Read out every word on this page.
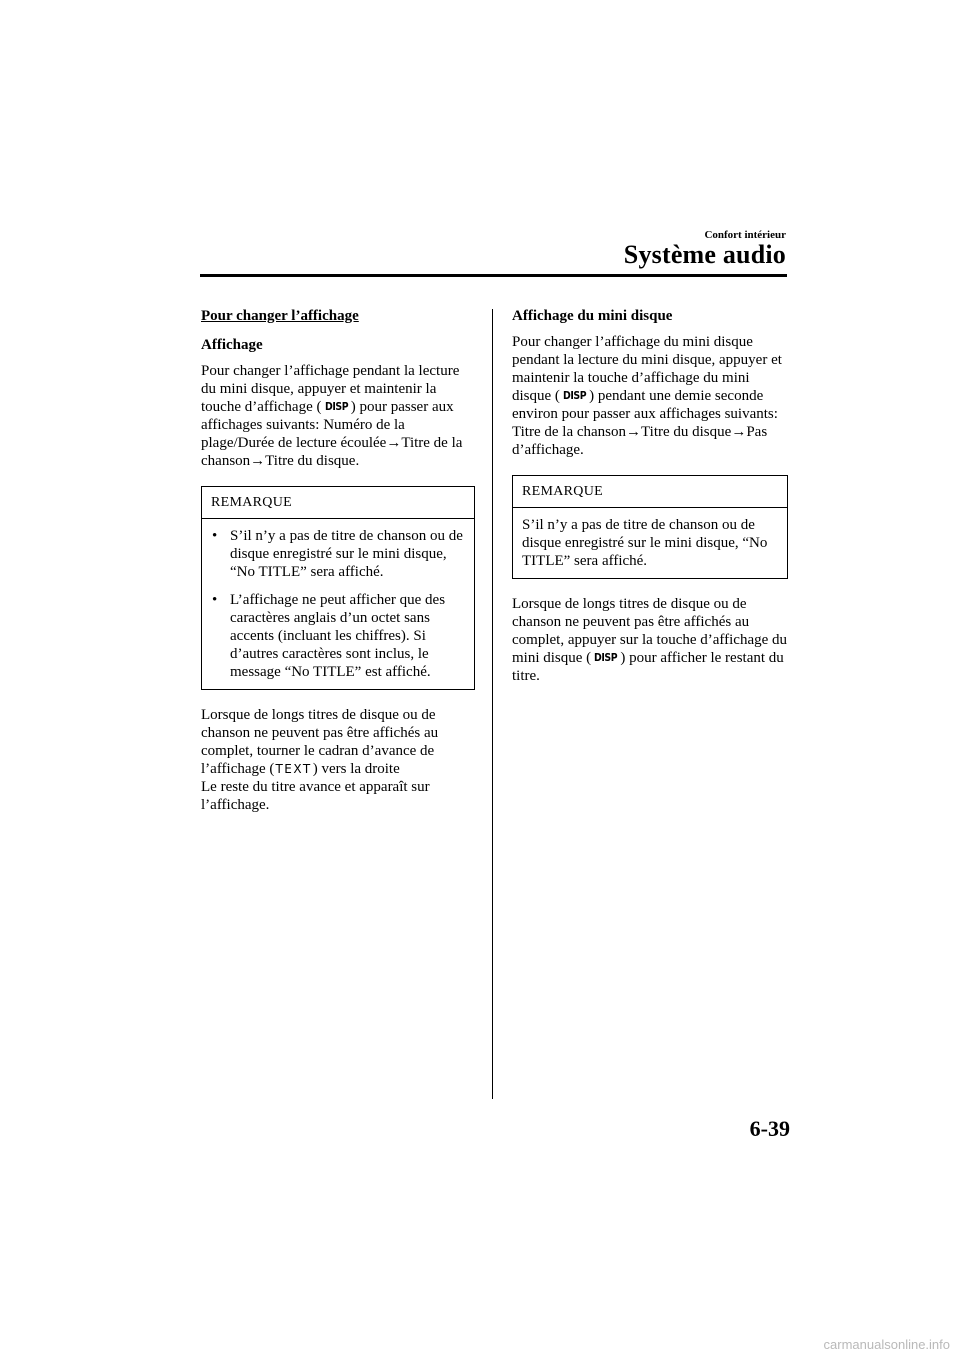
Confort intérieur
Système audio

Pour changer l’affichage

Affichage

Pour changer l’affichage pendant la lecture du mini disque, appuyer et maintenir la touche d’affichage ( DISP ) pour passer aux affichages suivants: Numéro de la plage/Durée de lecture écoulée→Titre de la chanson→Titre du disque.

REMARQUE
• S’il n’y a pas de titre de chanson ou de disque enregistré sur le mini disque, “No TITLE” sera affiché.
• L’affichage ne peut afficher que des caractères anglais d’un octet sans accents (incluant les chiffres). Si d’autres caractères sont inclus, le message “No TITLE” est affiché.

Lorsque de longs titres de disque ou de chanson ne peuvent pas être affichés au complet, tourner le cadran d’avance de l’affichage (TEXT) vers la droite
Le reste du titre avance et apparaît sur l’affichage.

Affichage du mini disque

Pour changer l’affichage du mini disque pendant la lecture du mini disque, appuyer et maintenir la touche d’affichage du mini disque ( DISP ) pendant une demie seconde environ pour passer aux affichages suivants:
Titre de la chanson→Titre du disque→Pas d’affichage.

REMARQUE
S’il n’y a pas de titre de chanson ou de disque enregistré sur le mini disque, “No TITLE” sera affiché.

Lorsque de longs titres de disque ou de chanson ne peuvent pas être affichés au complet, appuyer sur la touche d’affichage du mini disque ( DISP ) pour afficher le restant du titre.

6-39
carmanualsonline.info
